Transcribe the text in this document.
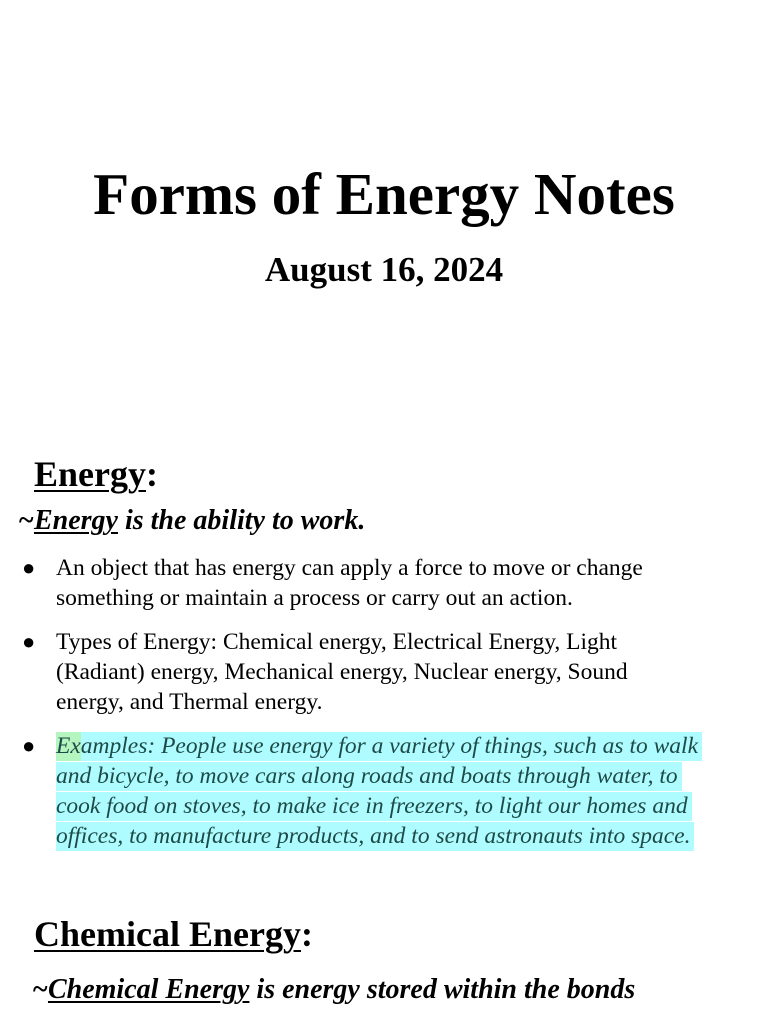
Forms of Energy Notes
August 16, 2024
Energy:
~Energy is the ability to work.
● An object that has energy can apply a force to move or change
something or maintain a process or carry out an action.
● Types of Energy: Chemical energy, Electrical Energy, Light
(Radiant) energy, Mechanical energy, Nuclear energy, Sound
energy, and Thermal energy.
● Examples: People use energy for a variety of things, such as to walk
and bicycle, to move cars along roads and boats through water, to
cook food on stoves, to make ice in freezers, to light our homes and
offices, to manufacture products, and to send astronauts into space.
Chemical Energy:
~Chemical Energy is energy stored within the bonds
